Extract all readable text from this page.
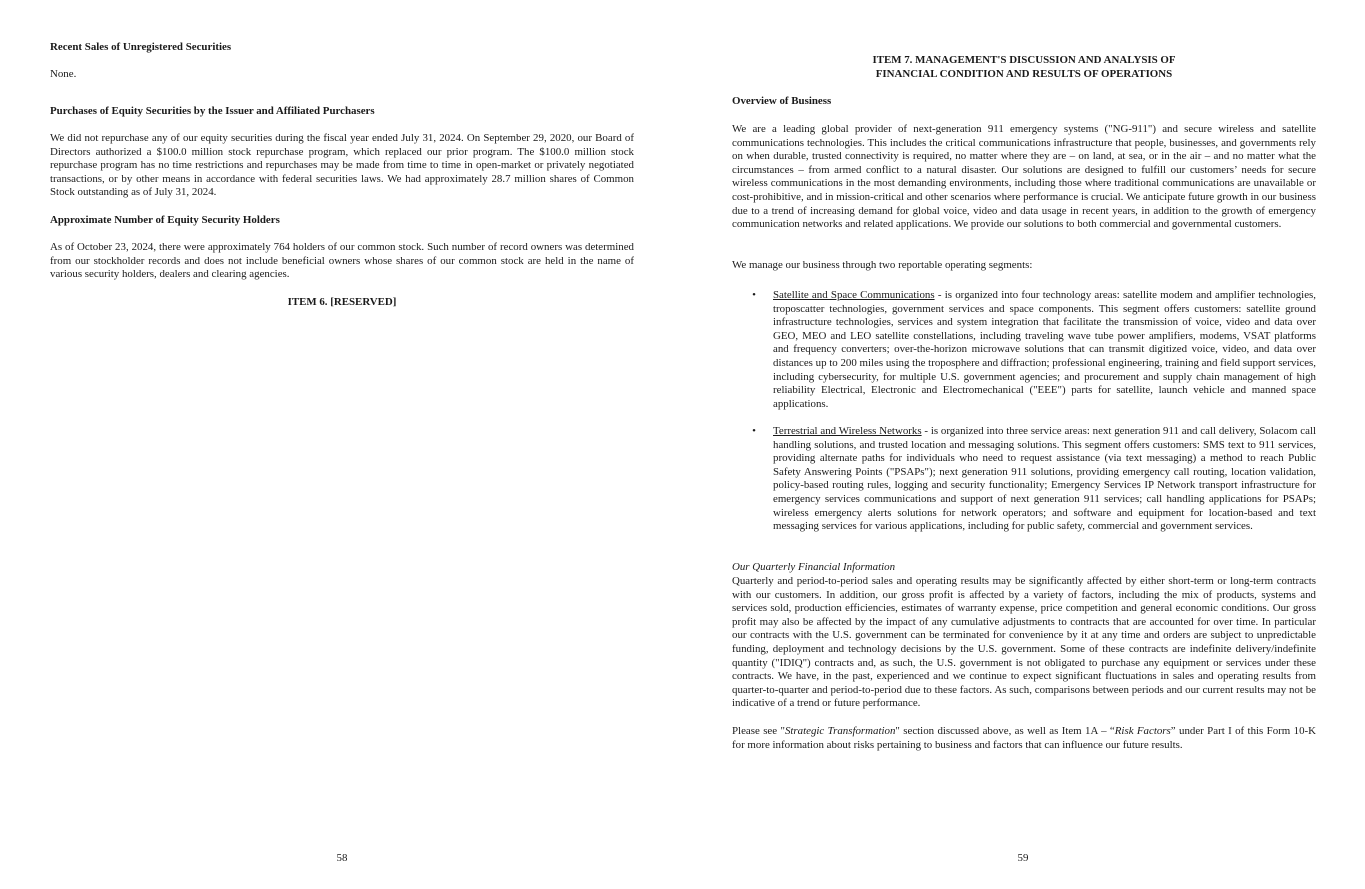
Recent Sales of Unregistered Securities

None.

Purchases of Equity Securities by the Issuer and Affiliated Purchasers

We did not repurchase any of our equity securities during the fiscal year ended July 31, 2024. On September 29, 2020, our Board of Directors authorized a $100.0 million stock repurchase program, which replaced our prior program. The $100.0 million stock repurchase program has no time restrictions and repurchases may be made from time to time in open-market or privately negotiated transactions, or by other means in accordance with federal securities laws. We had approximately 28.7 million shares of Common Stock outstanding as of July 31, 2024.

Approximate Number of Equity Security Holders

As of October 23, 2024, there were approximately 764 holders of our common stock. Such number of record owners was determined from our stockholder records and does not include beneficial owners whose shares of our common stock are held in the name of various security holders, dealers and clearing agencies.

ITEM 6. [RESERVED]

58
ITEM 7. MANAGEMENT'S DISCUSSION AND ANALYSIS OF
FINANCIAL CONDITION AND RESULTS OF OPERATIONS

Overview of Business

We are a leading global provider of next-generation 911 emergency systems ("NG-911") and secure wireless and satellite communications technologies. This includes the critical communications infrastructure that people, businesses, and governments rely on when durable, trusted connectivity is required, no matter where they are – on land, at sea, or in the air – and no matter what the circumstances – from armed conflict to a natural disaster. Our solutions are designed to fulfill our customers’ needs for secure wireless communications in the most demanding environments, including those where traditional communications are unavailable or cost-prohibitive, and in mission-critical and other scenarios where performance is crucial. We anticipate future growth in our business due to a trend of increasing demand for global voice, video and data usage in recent years, in addition to the growth of emergency communication networks and related applications. We provide our solutions to both commercial and governmental customers.

We manage our business through two reportable operating segments:

• Satellite and Space Communications - is organized into four technology areas: satellite modem and amplifier technologies, troposcatter technologies, government services and space components. This segment offers customers: satellite ground infrastructure technologies, services and system integration that facilitate the transmission of voice, video and data over GEO, MEO and LEO satellite constellations, including traveling wave tube power amplifiers, modems, VSAT platforms and frequency converters; over-the-horizon microwave solutions that can transmit digitized voice, video, and data over distances up to 200 miles using the troposphere and diffraction; professional engineering, training and field support services, including cybersecurity, for multiple U.S. government agencies; and procurement and supply chain management of high reliability Electrical, Electronic and Electromechanical ("EEE") parts for satellite, launch vehicle and manned space applications.

• Terrestrial and Wireless Networks - is organized into three service areas: next generation 911 and call delivery, Solacom call handling solutions, and trusted location and messaging solutions. This segment offers customers: SMS text to 911 services, providing alternate paths for individuals who need to request assistance (via text messaging) a method to reach Public Safety Answering Points ("PSAPs"); next generation 911 solutions, providing emergency call routing, location validation, policy-based routing rules, logging and security functionality; Emergency Services IP Network transport infrastructure for emergency services communications and support of next generation 911 services; call handling applications for PSAPs; wireless emergency alerts solutions for network operators; and software and equipment for location-based and text messaging services for various applications, including for public safety, commercial and government services.

Our Quarterly Financial Information

Quarterly and period-to-period sales and operating results may be significantly affected by either short-term or long-term contracts with our customers. In addition, our gross profit is affected by a variety of factors, including the mix of products, systems and services sold, production efficiencies, estimates of warranty expense, price competition and general economic conditions. Our gross profit may also be affected by the impact of any cumulative adjustments to contracts that are accounted for over time. In particular our contracts with the U.S. government can be terminated for convenience by it at any time and orders are subject to unpredictable funding, deployment and technology decisions by the U.S. government. Some of these contracts are indefinite delivery/indefinite quantity ("IDIQ") contracts and, as such, the U.S. government is not obligated to purchase any equipment or services under these contracts. We have, in the past, experienced and we continue to expect significant fluctuations in sales and operating results from quarter-to-quarter and period-to-period due to these factors. As such, comparisons between periods and our current results may not be indicative of a trend or future performance.

Please see "Strategic Transformation" section discussed above, as well as Item 1A – “Risk Factors” under Part I of this Form 10-K for more information about risks pertaining to business and factors that can influence our future results.

59
